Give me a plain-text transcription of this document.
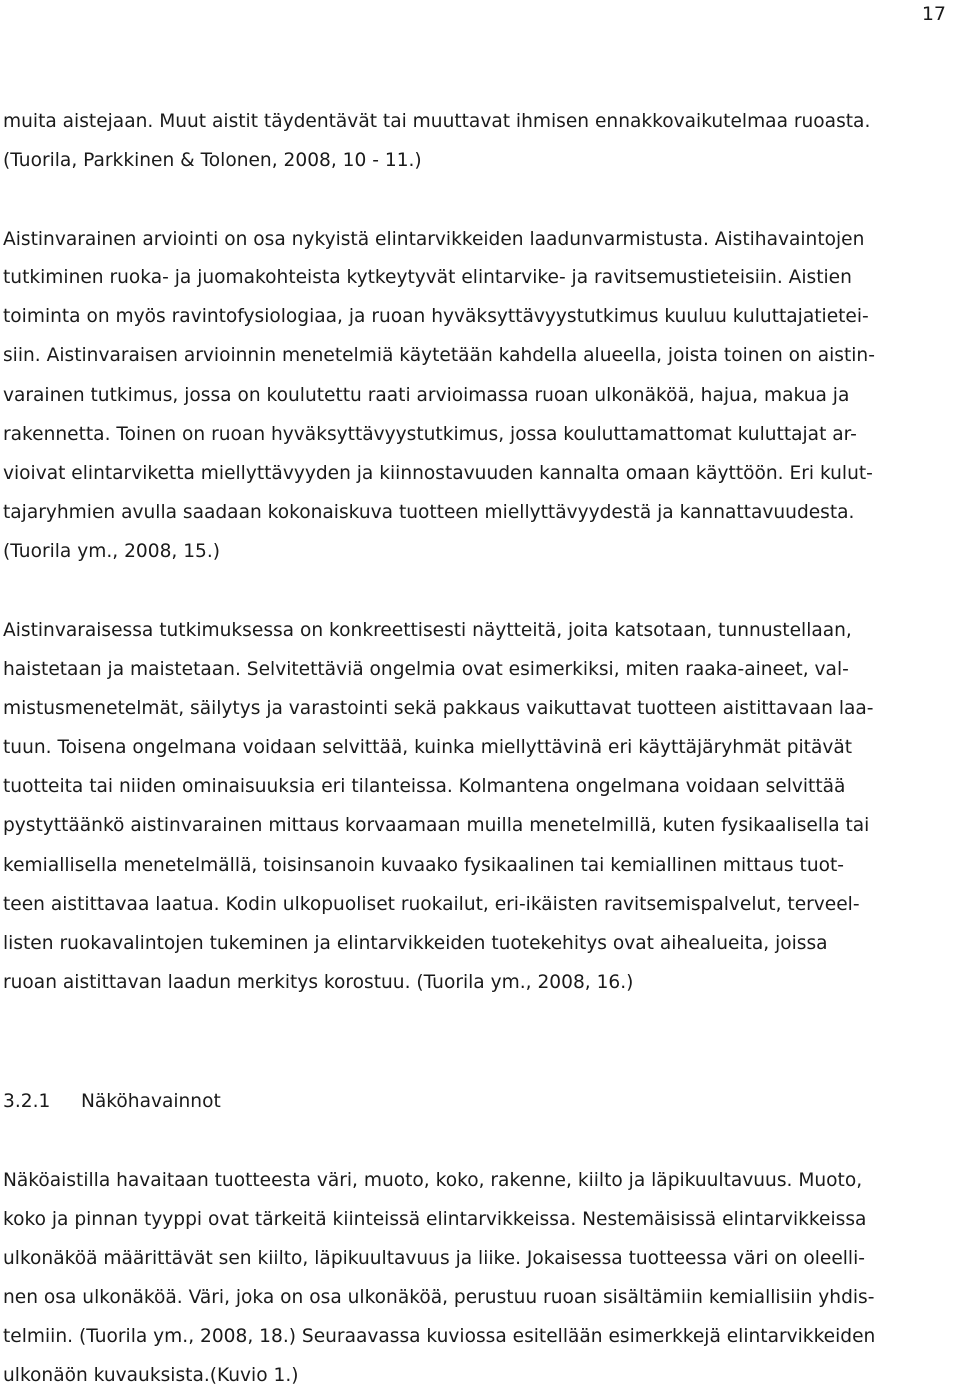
17
muita aistejaan. Muut aistit täydentävät tai muuttavat ihmisen ennakkovaikutelmaa ruoasta.
(Tuorila, Parkkinen & Tolonen, 2008, 10 - 11.)
Aistinvarainen arviointi on osa nykyistä elintarvikkeiden laadunvarmistusta. Aistihavaintojen
tutkiminen ruoka- ja juomakohteista kytkeytyvät elintarvike- ja ravitsemustieteisiin. Aistien
toiminta on myös ravintofysiologiaa, ja ruoan hyväksyttävyystutkimus kuuluu kuluttajatietei-
siin. Aistinvaraisen arvioinnin menetelmiä käytetään kahdella alueella, joista toinen on aistin-
varainen tutkimus, jossa on koulutettu raati arvioimassa ruoan ulkonäköä, hajua, makua ja
rakennetta. Toinen on ruoan hyväksyttävyystutkimus, jossa kouluttamattomat kuluttajat ar-
vioivat elintarviketta miellyttävyyden ja kiinnostavuuden kannalta omaan käyttöön. Eri kulut-
tajaryhmien avulla saadaan kokonaiskuva tuotteen miellyttävyydestä ja kannattavuudesta.
(Tuorila ym., 2008, 15.)
Aistinvaraisessa tutkimuksessa on konkreettisesti näytteitä, joita katsotaan, tunnustellaan,
haistetaan ja maistetaan. Selvitettäviä ongelmia ovat esimerkiksi, miten raaka-aineet, val-
mistusmenetelmät, säilytys ja varastointi sekä pakkaus vaikuttavat tuotteen aistittavaan laa-
tuun. Toisena ongelmana voidaan selvittää, kuinka miellyttävinä eri käyttäjäryhmät pitävät
tuotteita tai niiden ominaisuuksia eri tilanteissa. Kolmantena ongelmana voidaan selvittää
pystyttäänkö aistinvarainen mittaus korvaamaan muilla menetelmillä, kuten fysikaalisella tai
kemiallisella menetelmällä, toisinsanoin kuvaako fysikaalinen tai kemiallinen mittaus tuot-
teen aistittavaa laatua. Kodin ulkopuoliset ruokailut, eri-ikäisten ravitsemispalvelut, terveel-
listen ruokavalintojen tukeminen ja elintarvikkeiden tuotekehitys ovat aihealueita, joissa
ruoan aistittavan laadun merkitys korostuu. (Tuorila ym., 2008, 16.)
3.2.1 Näköhavainnot
Näköaistilla havaitaan tuotteesta väri, muoto, koko, rakenne, kiilto ja läpikuultavuus. Muoto,
koko ja pinnan tyyppi ovat tärkeitä kiinteissä elintarvikkeissa. Nestemäisissä elintarvikkeissa
ulkonäköä määrittävät sen kiilto, läpikuultavuus ja liike. Jokaisessa tuotteessa väri on oleelli-
nen osa ulkonäköä. Väri, joka on osa ulkonäköä, perustuu ruoan sisältämiin kemiallisiin yhdis-
telmiin. (Tuorila ym., 2008, 18.) Seuraavassa kuviossa esitellään esimerkkejä elintarvikkeiden
ulkonäön kuvauksista.(Kuvio 1.)
